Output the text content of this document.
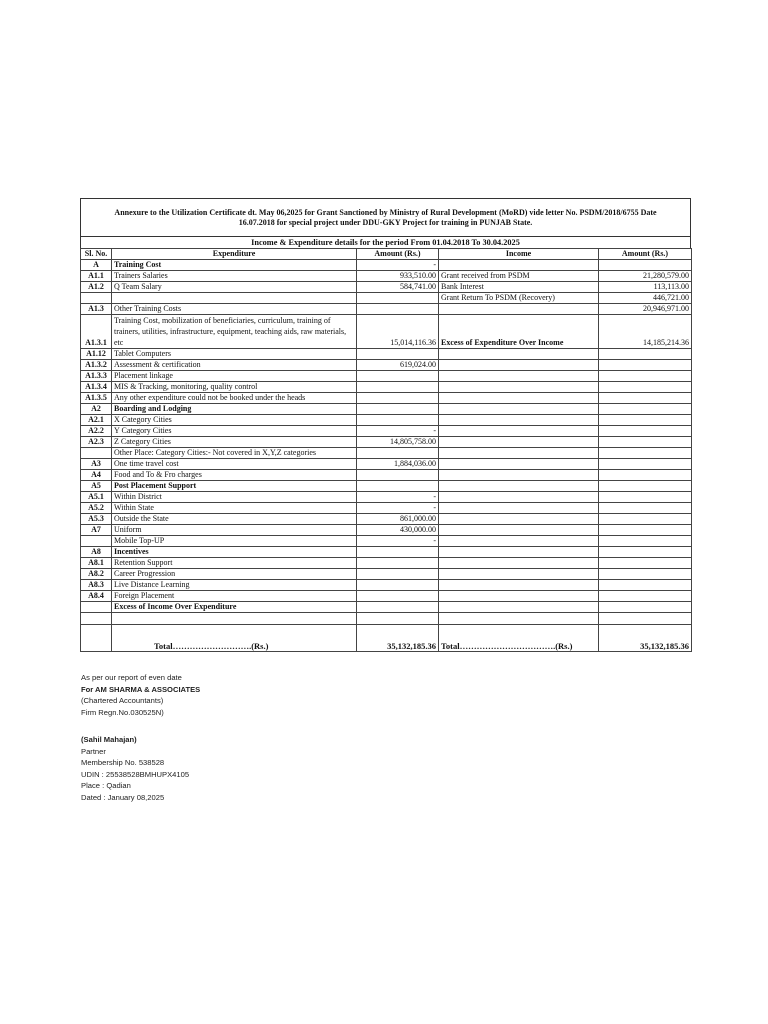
Annexure to the Utilization Certificate dt. May 06,2025 for Grant Sanctioned by Ministry of Rural Development (MoRD) vide letter No. PSDM/2018/6755 Date
16.07.2018 for special project under DDU-GKY Project for training in PUNJAB State.
Income & Expenditure details for the period From 01.04.2018 To 30.04.2025
Sl. No.	Expenditure	Amount (Rs.)	Income	Amount (Rs.)
A	Training Cost	-		
A1.1	Trainers Salaries	933,510.00	Grant received from PSDM	21,280,579.00
A1.2	Q Team Salary	584,741.00	Bank Interest	113,113.00
			Grant Return To PSDM (Recovery)	446,721.00
A1.3	Other Training Costs			20,946,971.00
A1.3.1	Training Cost, mobilization of beneficiaries, curriculum, training of trainers, utilities, infrastructure, equipment, teaching aids, raw materials, etc	15,014,116.36	Excess of Expenditure Over Income	14,185,214.36
A1.12	Tablet Computers			
A1.3.2	Assessment & certification	619,024.00		
A1.3.3	Placement linkage			
A1.3.4	MIS & Tracking, monitoring, quality control			
A1.3.5	Any other expenditure could not be booked under the heads			
A2	Boarding and Lodging			
A2.1	X Category Cities			
A2.2	Y Category Cities	-		
A2.3	Z Category Cities	14,805,758.00		
	Other Place: Category Cities:- Not covered in X,Y,Z categories			
A3	One time travel cost	1,884,036.00		
A4	Food and To & Fro charges			
A5	Post Placement Support			
A5.1	Within District	-		
A5.2	Within State	-		
A5.3	Outside the State	861,000.00		
A7	Uniform	430,000.00		
	Mobile Top-UP	-		
A8	Incentives			
A8.1	Retention Support			
A8.2	Career Progression			
A8.3	Live Distance Learning			
A8.4	Foreign Placement			
	Excess of Income Over Expenditure			

	Total……………………….(Rs.)	35,132,185.36	Total…………………………….(Rs.)	35,132,185.36
As per our report of even date
For AM SHARMA & ASSOCIATES
(Chartered Accountants)
Firm Regn.No.030525N)
(Sahil Mahajan)
Partner
Membership No. 538528
UDIN : 25538528BMHUPX4105
Place : Qadian
Dated : January 08,2025
